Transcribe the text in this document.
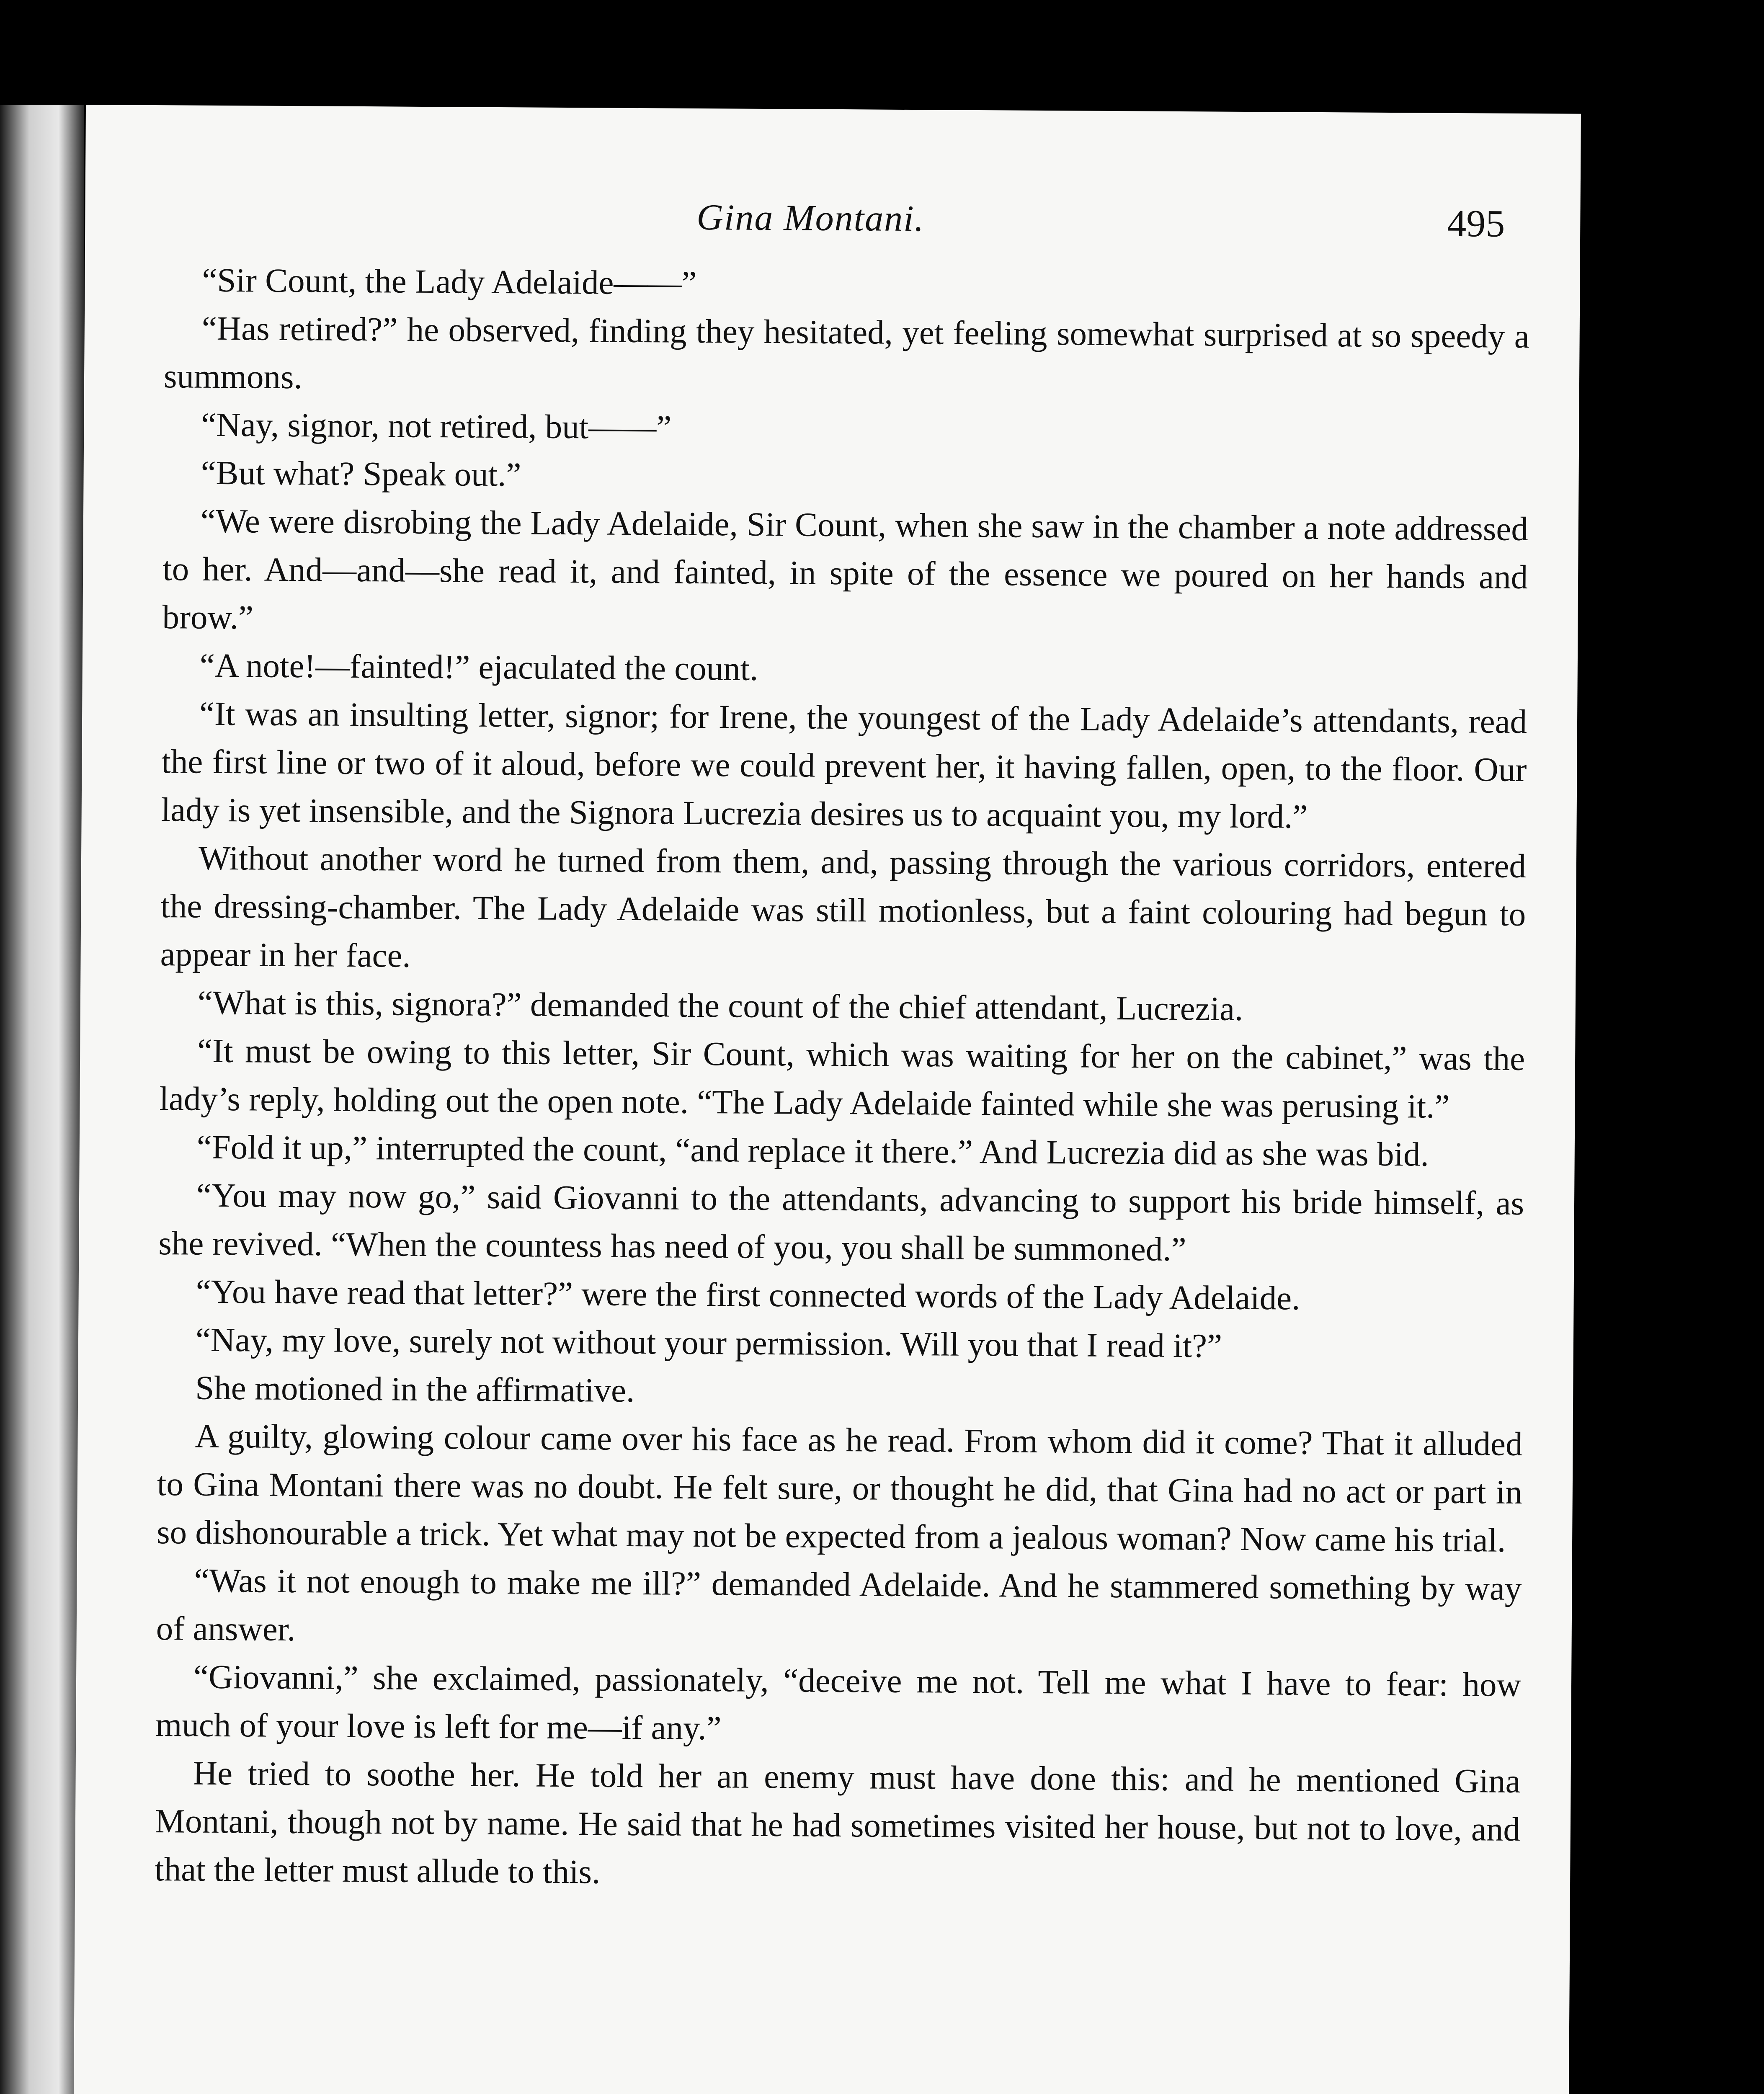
Gina Montani.	495

“Sir Count, the Lady Adelaide——”

“Has retired?” he observed, finding they hesitated, yet feeling somewhat surprised at so speedy a summons.

“Nay, signor, not retired, but——”

“But what? Speak out.”

“We were disrobing the Lady Adelaide, Sir Count, when she saw in the chamber a note addressed to her. And—and—she read it, and fainted, in spite of the essence we poured on her hands and brow.”

“A note!—fainted!” ejaculated the count.

“It was an insulting letter, signor; for Irene, the youngest of the Lady Adelaide’s attendants, read the first line or two of it aloud, before we could prevent her, it having fallen, open, to the floor. Our lady is yet insensible, and the Signora Lucrezia desires us to acquaint you, my lord.”

Without another word he turned from them, and, passing through the various corridors, entered the dressing-chamber. The Lady Adelaide was still motionless, but a faint colouring had begun to appear in her face.

“What is this, signora?” demanded the count of the chief attendant, Lucrezia.

“It must be owing to this letter, Sir Count, which was waiting for her on the cabinet,” was the lady’s reply, holding out the open note. “The Lady Adelaide fainted while she was perusing it.”

“Fold it up,” interrupted the count, “and replace it there.” And Lucrezia did as she was bid.

“You may now go,” said Giovanni to the attendants, advancing to support his bride himself, as she revived. “When the countess has need of you, you shall be summoned.”

“You have read that letter?” were the first connected words of the Lady Adelaide.

“Nay, my love, surely not without your permission. Will you that I read it?”

She motioned in the affirmative.

A guilty, glowing colour came over his face as he read. From whom did it come? That it alluded to Gina Montani there was no doubt. He felt sure, or thought he did, that Gina had no act or part in so dishonourable a trick. Yet what may not be expected from a jealous woman? Now came his trial.

“Was it not enough to make me ill?” demanded Adelaide. And he stammered something by way of answer.

“Giovanni,” she exclaimed, passionately, “deceive me not. Tell me what I have to fear: how much of your love is left for me—if any.”

He tried to soothe her. He told her an enemy must have done this: and he mentioned Gina Montani, though not by name. He said that he had sometimes visited her house, but not to love, and that the letter must allude to this.
